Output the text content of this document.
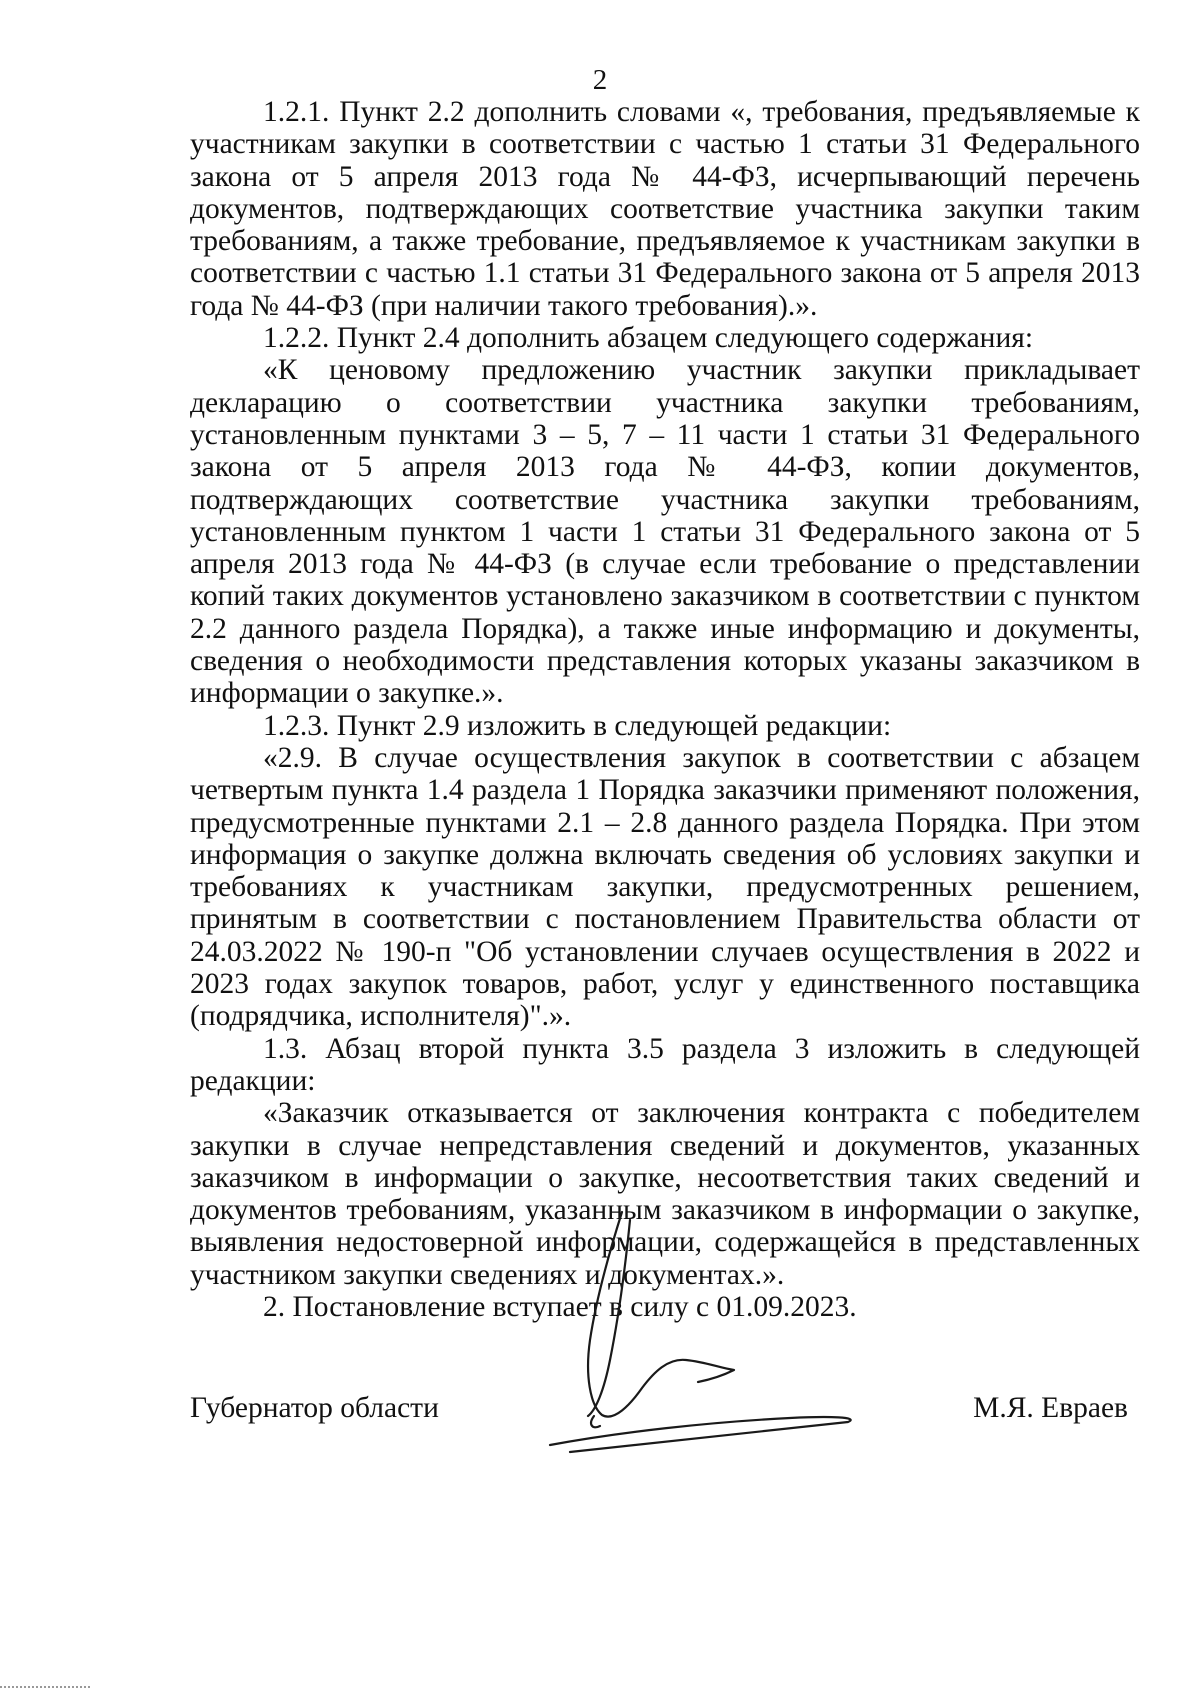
2

1.2.1. Пункт 2.2 дополнить словами «, требования, предъявляемые к участникам закупки в соответствии с частью 1 статьи 31 Федерального закона от 5 апреля 2013 года № 44-ФЗ, исчерпывающий перечень документов, подтверждающих соответствие участника закупки таким требованиям, а также требование, предъявляемое к участникам закупки в соответствии с частью 1.1 статьи 31 Федерального закона от 5 апреля 2013 года № 44-ФЗ (при наличии такого требования).».

1.2.2. Пункт 2.4 дополнить абзацем следующего содержания:

«К ценовому предложению участник закупки прикладывает декларацию о соответствии участника закупки требованиям, установленным пунктами 3 – 5, 7 – 11 части 1 статьи 31 Федерального закона от 5 апреля 2013 года № 44-ФЗ, копии документов, подтверждающих соответствие участника закупки требованиям, установленным пунктом 1 части 1 статьи 31 Федерального закона от 5 апреля 2013 года № 44-ФЗ (в случае если требование о представлении копий таких документов установлено заказчиком в соответствии с пунктом 2.2 данного раздела Порядка), а также иные информацию и документы, сведения о необходимости представления которых указаны заказчиком в информации о закупке.».

1.2.3. Пункт 2.9 изложить в следующей редакции:

«2.9. В случае осуществления закупок в соответствии с абзацем четвертым пункта 1.4 раздела 1 Порядка заказчики применяют положения, предусмотренные пунктами 2.1 – 2.8 данного раздела Порядка. При этом информация о закупке должна включать сведения об условиях закупки и требованиях к участникам закупки, предусмотренных решением, принятым в соответствии с постановлением Правительства области от 24.03.2022 № 190-п "Об установлении случаев осуществления в 2022 и 2023 годах закупок товаров, работ, услуг у единственного поставщика (подрядчика, исполнителя)".».

1.3. Абзац второй пункта 3.5 раздела 3 изложить в следующей редакции:

«Заказчик отказывается от заключения контракта с победителем закупки в случае непредставления сведений и документов, указанных заказчиком в информации о закупке, несоответствия таких сведений и документов требованиям, указанным заказчиком в информации о закупке, выявления недостоверной информации, содержащейся в представленных участником закупки сведениях и документах.».

2. Постановление вступает в силу с 01.09.2023.

Губернатор области	М.Я. Евраев
